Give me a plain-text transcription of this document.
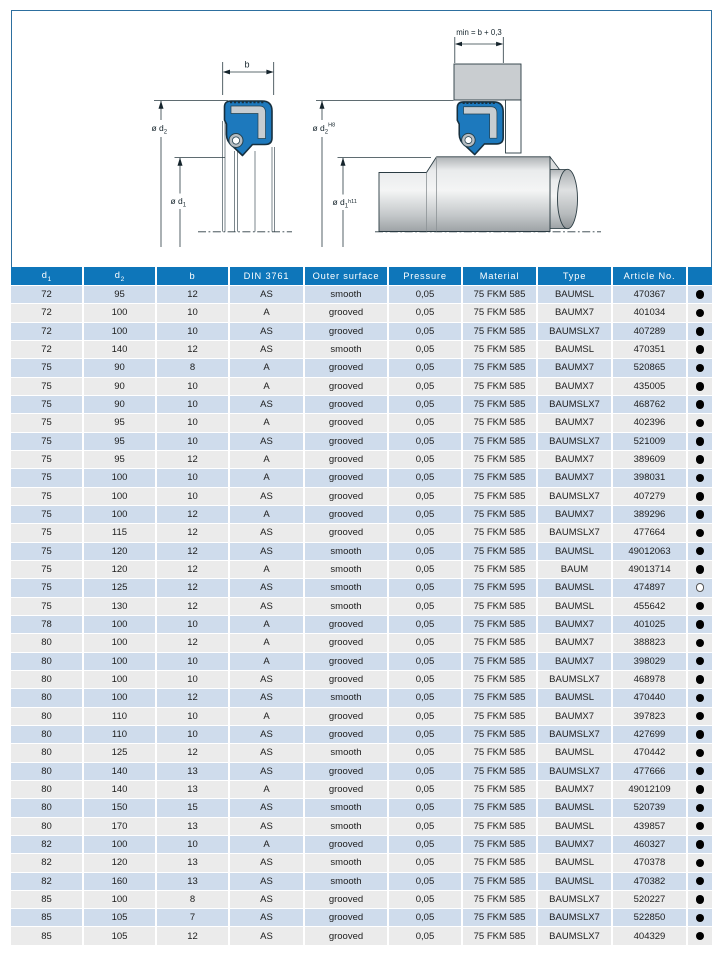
b
ø $d_2$
ø $d_1$
min = b + 0,3
ø $d_2^{H8}$
ø $d_1^{h11}$
$d_1$	$d_2$	b	DIN 3761	Outer surface	Pressure	Material	Type	Article No.	
72	95	12	AS	smooth	0,05	75 FKM 585	BAUMSL	470367	
72	100	10	A	grooved	0,05	75 FKM 585	BAUMX7	401034	
72	100	10	AS	grooved	0,05	75 FKM 585	BAUMSLX7	407289	
72	140	12	AS	smooth	0,05	75 FKM 585	BAUMSL	470351	
75	90	8	A	grooved	0,05	75 FKM 585	BAUMX7	520865	
75	90	10	A	grooved	0,05	75 FKM 585	BAUMX7	435005	
75	90	10	AS	grooved	0,05	75 FKM 585	BAUMSLX7	468762	
75	95	10	A	grooved	0,05	75 FKM 585	BAUMX7	402396	
75	95	10	AS	grooved	0,05	75 FKM 585	BAUMSLX7	521009	
75	95	12	A	grooved	0,05	75 FKM 585	BAUMX7	389609	
75	100	10	A	grooved	0,05	75 FKM 585	BAUMX7	398031	
75	100	10	AS	grooved	0,05	75 FKM 585	BAUMSLX7	407279	
75	100	12	A	grooved	0,05	75 FKM 585	BAUMX7	389296	
75	115	12	AS	grooved	0,05	75 FKM 585	BAUMSLX7	477664	
75	120	12	AS	smooth	0,05	75 FKM 585	BAUMSL	49012063	
75	120	12	A	smooth	0,05	75 FKM 585	BAUM	49013714	
75	125	12	AS	smooth	0,05	75 FKM 595	BAUMSL	474897	
75	130	12	AS	smooth	0,05	75 FKM 585	BAUMSL	455642	
78	100	10	A	grooved	0,05	75 FKM 585	BAUMX7	401025	
80	100	12	A	grooved	0,05	75 FKM 585	BAUMX7	388823	
80	100	10	A	grooved	0,05	75 FKM 585	BAUMX7	398029	
80	100	10	AS	grooved	0,05	75 FKM 585	BAUMSLX7	468978	
80	100	12	AS	smooth	0,05	75 FKM 585	BAUMSL	470440	
80	110	10	A	grooved	0,05	75 FKM 585	BAUMX7	397823	
80	110	10	AS	grooved	0,05	75 FKM 585	BAUMSLX7	427699	
80	125	12	AS	smooth	0,05	75 FKM 585	BAUMSL	470442	
80	140	13	AS	grooved	0,05	75 FKM 585	BAUMSLX7	477666	
80	140	13	A	grooved	0,05	75 FKM 585	BAUMX7	49012109	
80	150	15	AS	smooth	0,05	75 FKM 585	BAUMSL	520739	
80	170	13	AS	smooth	0,05	75 FKM 585	BAUMSL	439857	
82	100	10	A	grooved	0,05	75 FKM 585	BAUMX7	460327	
82	120	13	AS	smooth	0,05	75 FKM 585	BAUMSL	470378	
82	160	13	AS	smooth	0,05	75 FKM 585	BAUMSL	470382	
85	100	8	AS	grooved	0,05	75 FKM 585	BAUMSLX7	520227	
85	105	7	AS	grooved	0,05	75 FKM 585	BAUMSLX7	522850	
85	105	12	AS	grooved	0,05	75 FKM 585	BAUMSLX7	404329	
